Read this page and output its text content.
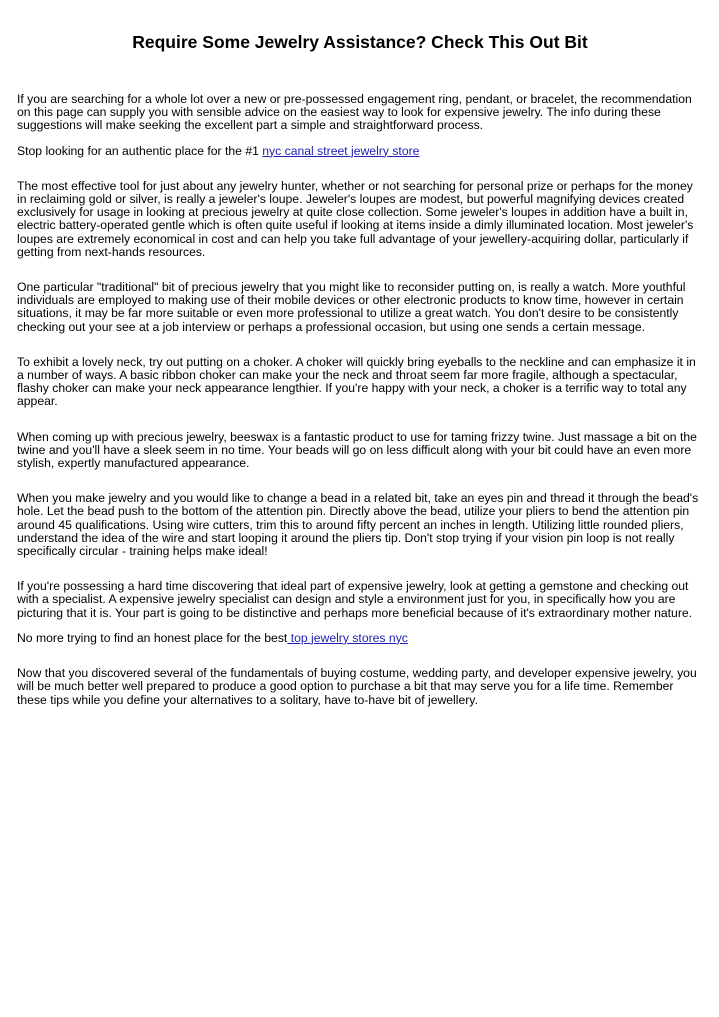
Require Some Jewelry Assistance? Check This Out Bit

If you are searching for a whole lot over a new or pre-possessed engagement ring, pendant, or bracelet, the recommendation on this page can supply you with sensible advice on the easiest way to look for expensive jewelry. The info during these suggestions will make seeking the excellent part a simple and straightforward process.

Stop looking for an authentic place for the #1 nyc canal street jewelry store

The most effective tool for just about any jewelry hunter, whether or not searching for personal prize or perhaps for the money in reclaiming gold or silver, is really a jeweler's loupe. Jeweler's loupes are modest, but powerful magnifying devices created exclusively for usage in looking at precious jewelry at quite close collection. Some jeweler's loupes in addition have a built in, electric battery-operated gentle which is often quite useful if looking at items inside a dimly illuminated location. Most jeweler's loupes are extremely economical in cost and can help you take full advantage of your jewellery-acquiring dollar, particularly if getting from next-hands resources.

One particular "traditional" bit of precious jewelry that you might like to reconsider putting on, is really a watch. More youthful individuals are employed to making use of their mobile devices or other electronic products to know time, however in certain situations, it may be far more suitable or even more professional to utilize a great watch. You don't desire to be consistently checking out your see at a job interview or perhaps a professional occasion, but using one sends a certain message.

To exhibit a lovely neck, try out putting on a choker. A choker will quickly bring eyeballs to the neckline and can emphasize it in a number of ways. A basic ribbon choker can make your the neck and throat seem far more fragile, although a spectacular, flashy choker can make your neck appearance lengthier. If you're happy with your neck, a choker is a terrific way to total any appear.

When coming up with precious jewelry, beeswax is a fantastic product to use for taming frizzy twine. Just massage a bit on the twine and you'll have a sleek seem in no time. Your beads will go on less difficult along with your bit could have an even more stylish, expertly manufactured appearance.

When you make jewelry and you would like to change a bead in a related bit, take an eyes pin and thread it through the bead's hole. Let the bead push to the bottom of the attention pin. Directly above the bead, utilize your pliers to bend the attention pin around 45 qualifications. Using wire cutters, trim this to around fifty percent an inches in length. Utilizing little rounded pliers, understand the idea of the wire and start looping it around the pliers tip. Don't stop trying if your vision pin loop is not really specifically circular - training helps make ideal!

If you're possessing a hard time discovering that ideal part of expensive jewelry, look at getting a gemstone and checking out with a specialist. A expensive jewelry specialist can design and style a environment just for you, in specifically how you are picturing that it is. Your part is going to be distinctive and perhaps more beneficial because of it's extraordinary mother nature.

No more trying to find an honest place for the best top jewelry stores nyc

Now that you discovered several of the fundamentals of buying costume, wedding party, and developer expensive jewelry, you will be much better well prepared to produce a good option to purchase a bit that may serve you for a life time. Remember these tips while you define your alternatives to a solitary, have to-have bit of jewellery.
